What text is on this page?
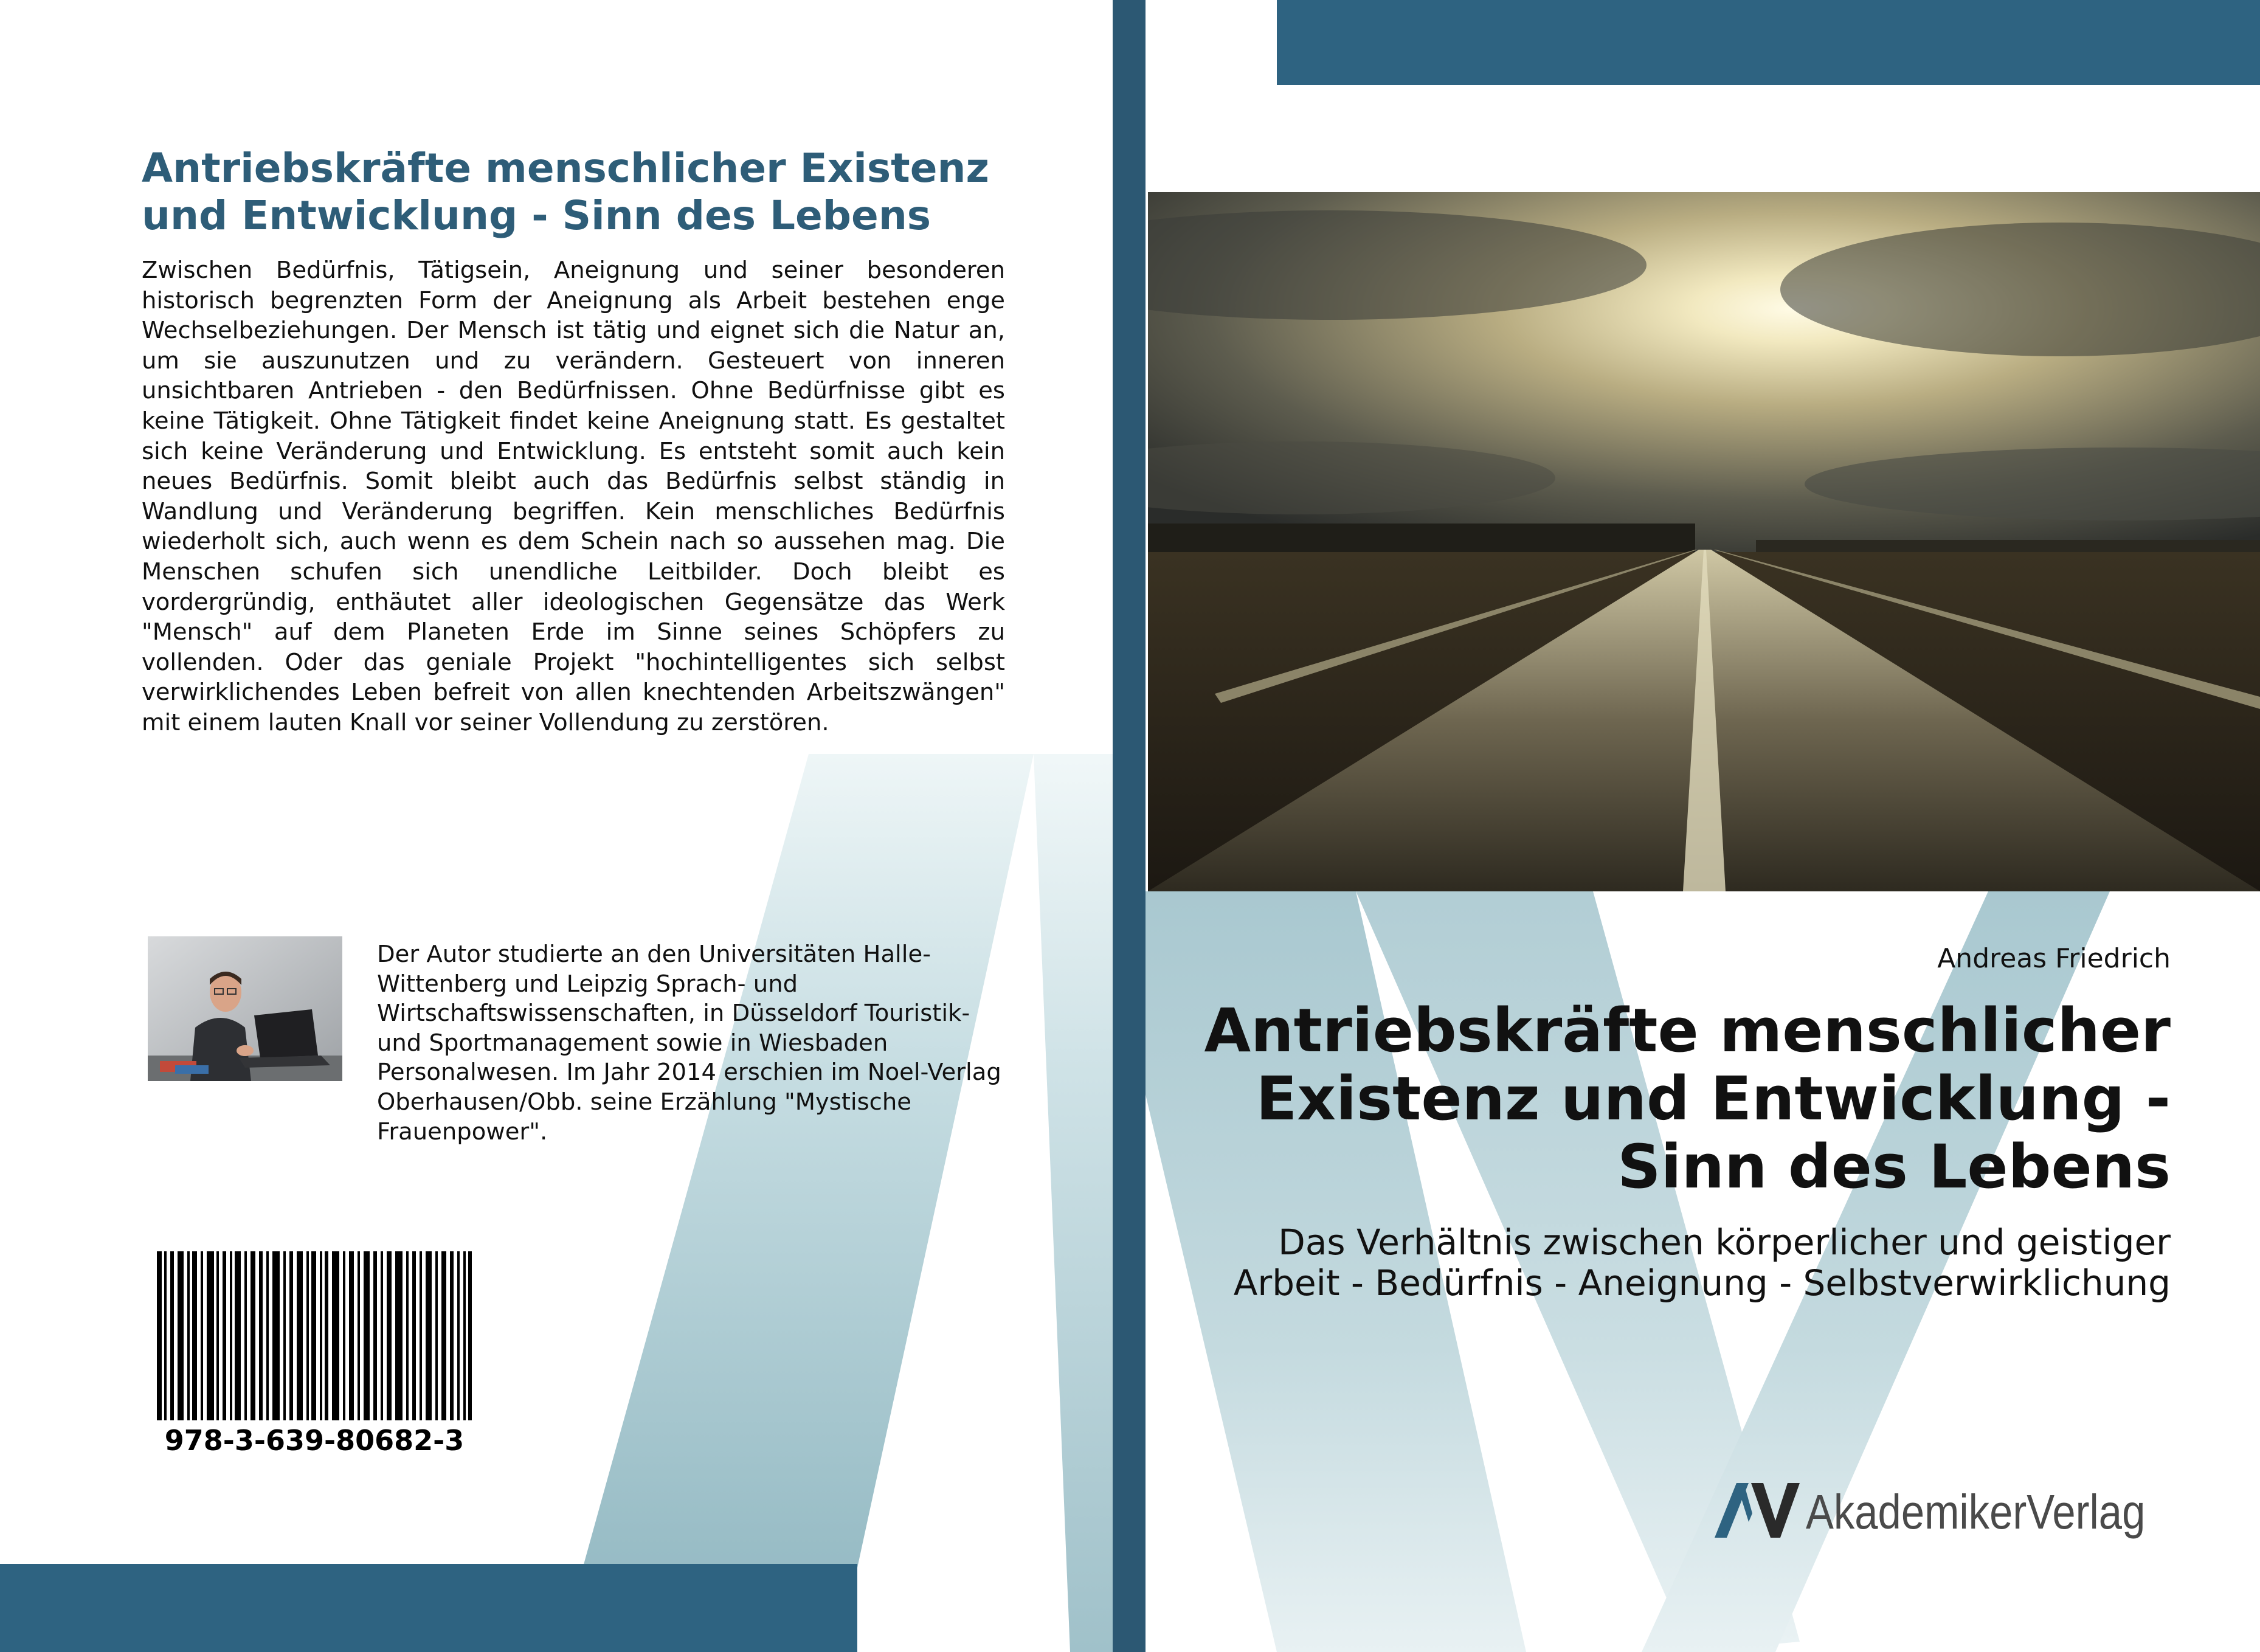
Antriebskräfte menschlicher Existenz und Entwicklung - Sinn des Lebens

Zwischen Bedürfnis, Tätigsein, Aneignung und seiner besonderen historisch begrenzten Form der Aneignung als Arbeit bestehen enge Wechselbeziehungen. Der Mensch ist tätig und eignet sich die Natur an, um sie auszunutzen und zu verändern. Gesteuert von inneren unsichtbaren Antrieben - den Bedürfnissen. Ohne Bedürfnisse gibt es keine Tätigkeit. Ohne Tätigkeit findet keine Aneignung statt. Es gestaltet sich keine Veränderung und Entwicklung. Es entsteht somit auch kein neues Bedürfnis. Somit bleibt auch das Bedürfnis selbst ständig in Wandlung und Veränderung begriffen. Kein menschliches Bedürfnis wiederholt sich, auch wenn es dem Schein nach so aussehen mag. Die Menschen schufen sich unendliche Leitbilder. Doch bleibt es vordergründig, enthäutet aller ideologischen Gegensätze das Werk "Mensch" auf dem Planeten Erde im Sinne seines Schöpfers zu vollenden. Oder das geniale Projekt "hochintelligentes sich selbst verwirklichendes Leben befreit von allen knechtenden Arbeitszwängen" mit einem lauten Knall vor seiner Vollendung zu zerstören.

Der Autor studierte an den Universitäten Halle-Wittenberg und Leipzig Sprach- und Wirtschaftswissenschaften, in Düsseldorf Touristik- und Sportmanagement sowie in Wiesbaden Personalwesen. Im Jahr 2014 erschien im Noel-Verlag Oberhausen/Obb. seine Erzählung "Mystische Frauenpower".

978-3-639-80682-3
Andreas Friedrich
Antriebskräfte menschlicher Existenz und Entwicklung - Sinn des Lebens

Das Verhältnis zwischen körperlicher und geistiger Arbeit - Bedürfnis - Aneignung - Selbstverwirklichung

AkademikerVerlag
